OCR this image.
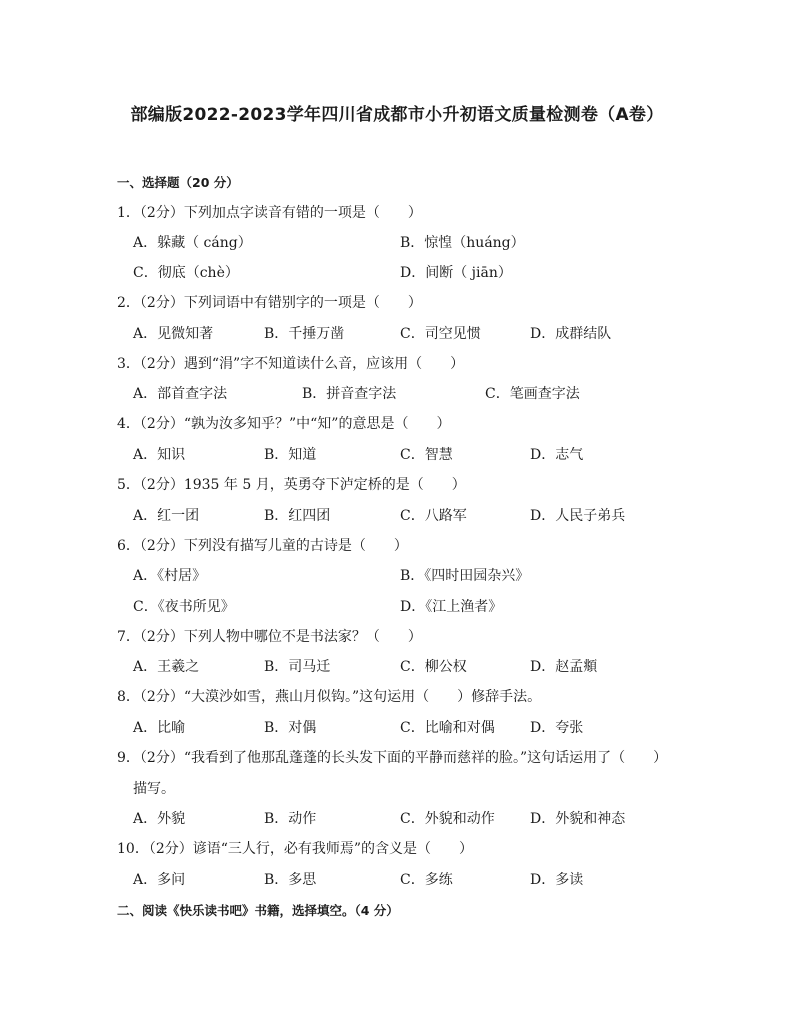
部编版2022-2023学年四川省成都市小升初语文质量检测卷（A卷）
一、选择题（20 分）
1．（2分）下列加点字读音有错的一项是（　　）
A．躲藏（ cáng）	B．惊惶（huáng）
C．彻底（chè）	D．间断（ jiān）
2．（2分）下列词语中有错别字的一项是（　　）
A．见微知著	B．千捶万凿	C．司空见惯	D．成群结队
3．（2分）遇到“涓”字不知道读什么音，应该用（　　）
A．部首查字法	B．拼音查字法	C．笔画查字法
4．（2分）“孰为汝多知乎？”中“知”的意思是（　　）
A．知识	B．知道	C．智慧	D．志气
5．（2分）1935 年 5 月，英勇夺下泸定桥的是（　　）
A．红一团	B．红四团	C．八路军	D．人民子弟兵
6．（2分）下列没有描写儿童的古诗是（　　）
A．《村居》	B．《四时田园杂兴》
C．《夜书所见》	D．《江上渔者》
7．（2分）下列人物中哪位不是书法家？（　　）
A．王羲之	B．司马迁	C．柳公权	D．赵孟頫
8．（2分）“大漠沙如雪，燕山月似钩。”这句运用（　　）修辞手法。
A．比喻	B．对偶	C．比喻和对偶	D．夸张
9．（2分）“我看到了他那乱蓬蓬的长头发下面的平静而慈祥的脸。”这句话运用了（　　）
描写。
A．外貌	B．动作	C．外貌和动作	D．外貌和神态
10．（2分）谚语“三人行，必有我师焉”的含义是（　　）
A．多问	B．多思	C．多练	D．多读
二、阅读《快乐读书吧》书籍，选择填空。（4 分）
